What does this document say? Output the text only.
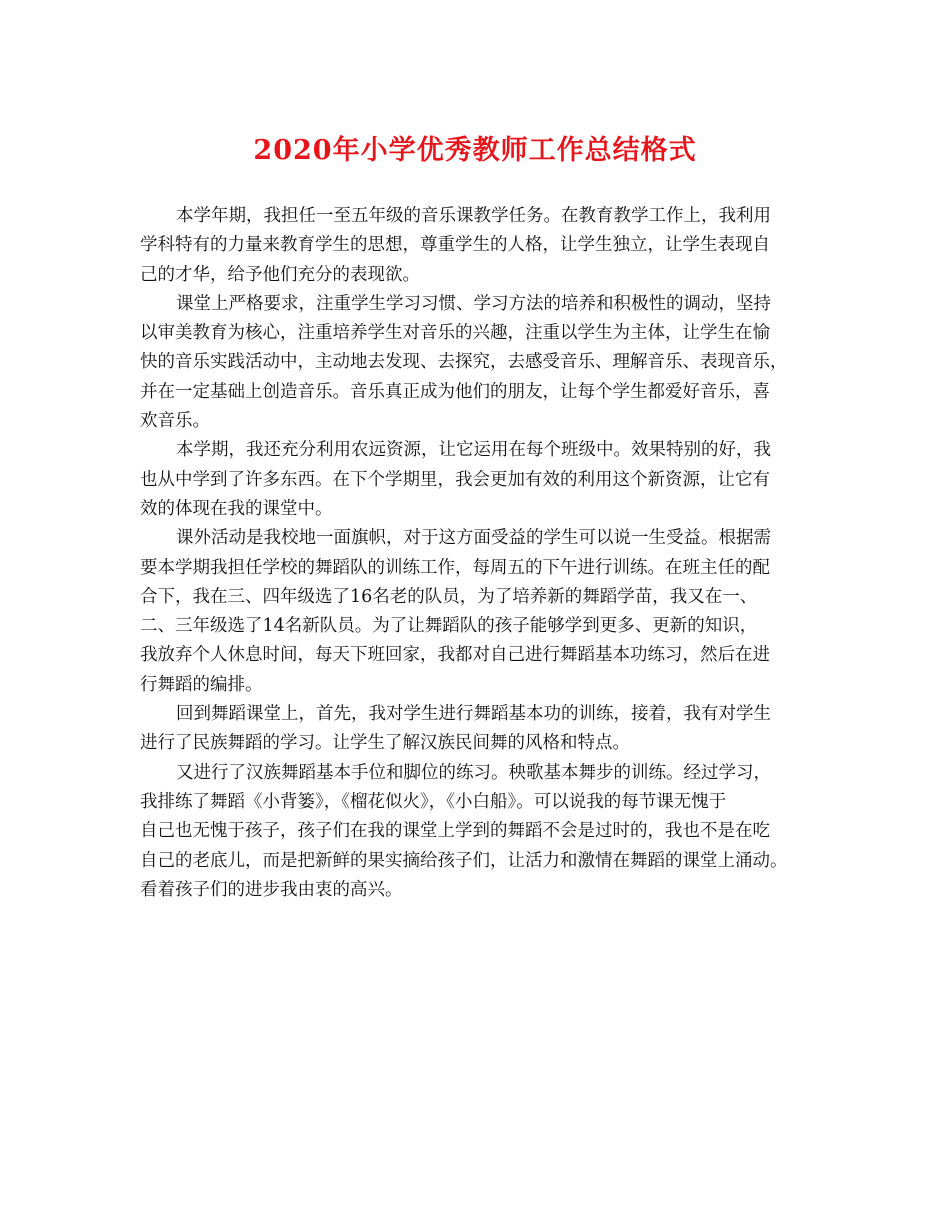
2020年小学优秀教师工作总结格式

本学年期，我担任一至五年级的音乐课教学任务。在教育教学工作上，我利用
学科特有的力量来教育学生的思想，尊重学生的人格，让学生独立，让学生表现自
己的才华，给予他们充分的表现欲。

课堂上严格要求，注重学生学习习惯、学习方法的培养和积极性的调动，坚持
以审美教育为核心，注重培养学生对音乐的兴趣，注重以学生为主体，让学生在愉
快的音乐实践活动中，主动地去发现、去探究，去感受音乐、理解音乐、表现音乐，
并在一定基础上创造音乐。音乐真正成为他们的朋友，让每个学生都爱好音乐，喜
欢音乐。

本学期，我还充分利用农远资源，让它运用在每个班级中。效果特别的好，我
也从中学到了许多东西。在下个学期里，我会更加有效的利用这个新资源，让它有
效的体现在我的课堂中。

课外活动是我校地一面旗帜，对于这方面受益的学生可以说一生受益。根据需
要本学期我担任学校的舞蹈队的训练工作，每周五的下午进行训练。在班主任的配
合下，我在三、四年级选了16名老的队员，为了培养新的舞蹈学苗，我又在一、
二、三年级选了14名新队员。为了让舞蹈队的孩子能够学到更多、更新的知识，
我放弃个人休息时间，每天下班回家，我都对自己进行舞蹈基本功练习，然后在进
行舞蹈的编排。

回到舞蹈课堂上，首先，我对学生进行舞蹈基本功的训练，接着，我有对学生
进行了民族舞蹈的学习。让学生了解汉族民间舞的风格和特点。

又进行了汉族舞蹈基本手位和脚位的练习。秧歌基本舞步的训练。经过学习，
我排练了舞蹈《小背篓》，《榴花似火》，《小白船》。可以说我的每节课无愧于
自己也无愧于孩子，孩子们在我的课堂上学到的舞蹈不会是过时的，我也不是在吃
自己的老底儿，而是把新鲜的果实摘给孩子们，让活力和激情在舞蹈的课堂上涌动。
看着孩子们的进步我由衷的高兴。
